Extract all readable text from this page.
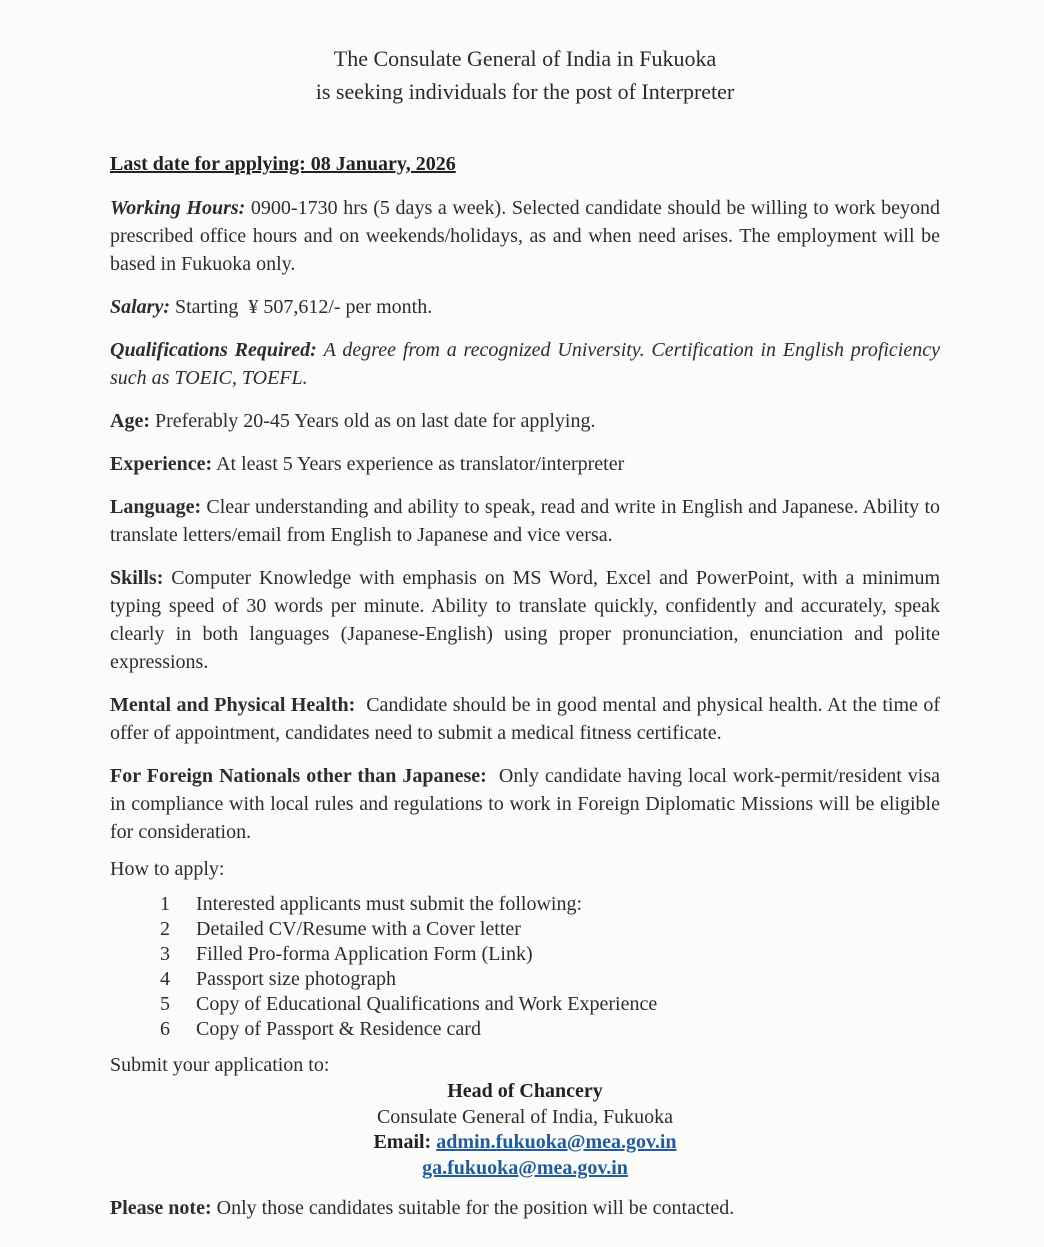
The Consulate General of India in Fukuoka
is seeking individuals for the post of Interpreter
Last date for applying: 08 January, 2026

Working Hours: 0900-1730 hrs (5 days a week). Selected candidate should be willing to work beyond prescribed office hours and on weekends/holidays, as and when need arises. The employment will be based in Fukuoka only.

Salary: Starting  ¥ 507,612/- per month.

Qualifications Required: A degree from a recognized University. Certification in English proficiency such as TOEIC, TOEFL.

Age: Preferably 20-45 Years old as on last date for applying.

Experience: At least 5 Years experience as translator/interpreter

Language: Clear understanding and ability to speak, read and write in English and Japanese. Ability to translate letters/email from English to Japanese and vice versa.

Skills: Computer Knowledge with emphasis on MS Word, Excel and PowerPoint, with a minimum typing speed of 30 words per minute. Ability to translate quickly, confidently and accurately, speak clearly in both languages (Japanese-English) using proper pronunciation, enunciation and polite expressions.

Mental and Physical Health: Candidate should be in good mental and physical health. At the time of offer of appointment, candidates need to submit a medical fitness certificate.

For Foreign Nationals other than Japanese: Only candidate having local work-permit/resident visa in compliance with local rules and regulations to work in Foreign Diplomatic Missions will be eligible for consideration.

How to apply:

1	Interested applicants must submit the following:
2	Detailed CV/Resume with a Cover letter
3	Filled Pro-forma Application Form (Link)
4	Passport size photograph
5	Copy of Educational Qualifications and Work Experience
6	Copy of Passport & Residence card

Submit your application to:

Head of Chancery
Consulate General of India, Fukuoka
Email: admin.fukuoka@mea.gov.in
ga.fukuoka@mea.gov.in

Please note: Only those candidates suitable for the position will be contacted.
